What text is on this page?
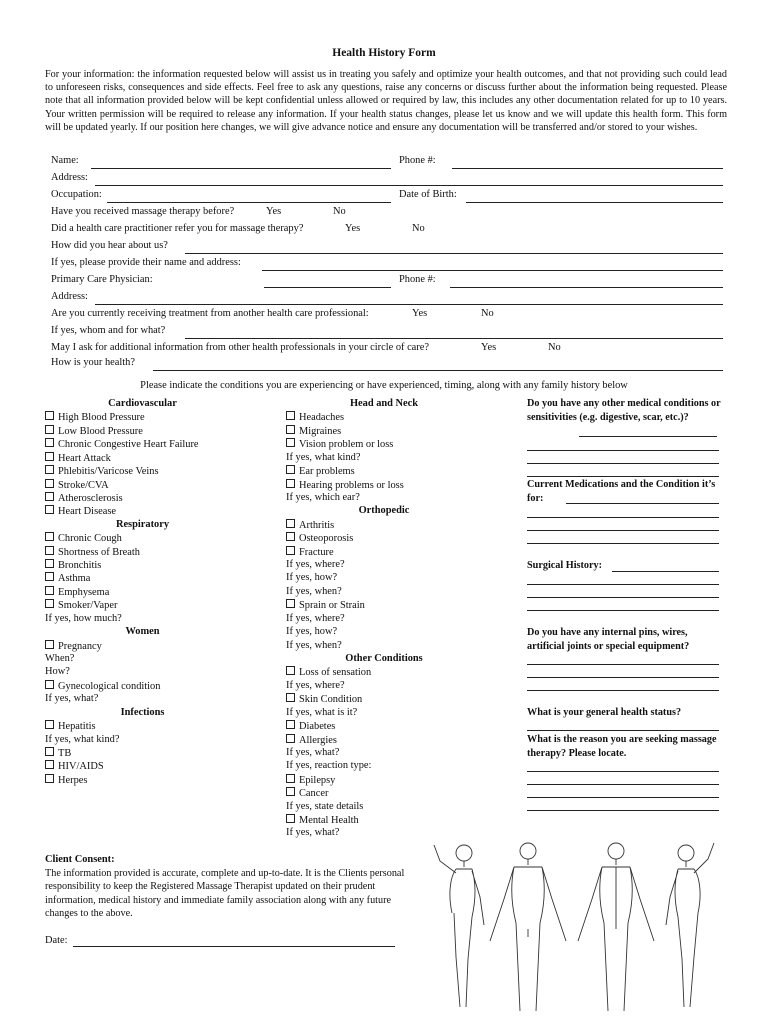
Health History Form
For your information: the information requested below will assist us in treating you safely and optimize your health outcomes, and that not providing such could lead to unforeseen risks, consequences and side effects. Feel free to ask any questions, raise any concerns or discuss further about the information being requested. Please note that all information provided below will be kept confidential unless allowed or required by law, this includes any other documentation related for up to 10 years. Your written permission will be required to release any information. If your health status changes, please let us know and we will update this health form. This form will be updated yearly. If our position here changes, we will give advance notice and ensure any documentation will be transferred and/or stored to your wishes.
Name:	Phone #:
Address:
Occupation:	Date of Birth:
Have you received massage therapy before?	Yes	No
Did a health care practitioner refer you for massage therapy?	Yes	No
How did you hear about us?
If yes, please provide their name and address:
Primary Care Physician:	Phone #:
Address:
Are you currently receiving treatment from another health care professional:	Yes	No
If yes, whom and for what?
May I ask for additional information from other health professionals in your circle of care?	Yes	No
How is your health?
Please indicate the conditions you are experiencing or have experienced, timing, along with any family history below
Cardiovascular
High Blood Pressure
Low Blood Pressure
Chronic Congestive Heart Failure
Heart Attack
Phlebitis/Varicose Veins
Stroke/CVA
Atherosclerosis
Heart Disease
Respiratory
Chronic Cough
Shortness of Breath
Bronchitis
Asthma
Emphysema
Smoker/Vaper
If yes, how much?
Women
Pregnancy
When?
How?
Gynecological condition
If yes, what?
Infections
Hepatitis
If yes, what kind?
TB
HIV/AIDS
Herpes
Head and Neck
Headaches
Migraines
Vision problem or loss
If yes, what kind?
Ear problems
Hearing problems or loss
If yes, which ear?
Orthopedic
Arthritis
Osteoporosis
Fracture
If yes, where?
If yes, how?
If yes, when?
Sprain or Strain
If yes, where?
If yes, how?
If yes, when?
Other Conditions
Loss of sensation
If yes, where?
Skin Condition
If yes, what is it?
Diabetes
Allergies
If yes, what?
If yes, reaction type:
Epilepsy
Cancer
If yes, state details
Mental Health
If yes, what?
Do you have any other medical conditions or sensitivities (e.g. digestive, scar, etc.)?
Current Medications and the Condition it’s for:
Surgical History:
Do you have any internal pins, wires, artificial joints or special equipment?
What is your general health status?
What is the reason you are seeking massage therapy? Please locate.
Client Consent:
The information provided is accurate, complete and up-to-date. It is the Clients personal responsibility to keep the Registered Massage Therapist updated on their prudent information, medical history and immediate family association along with any future changes to the above.
Date:
